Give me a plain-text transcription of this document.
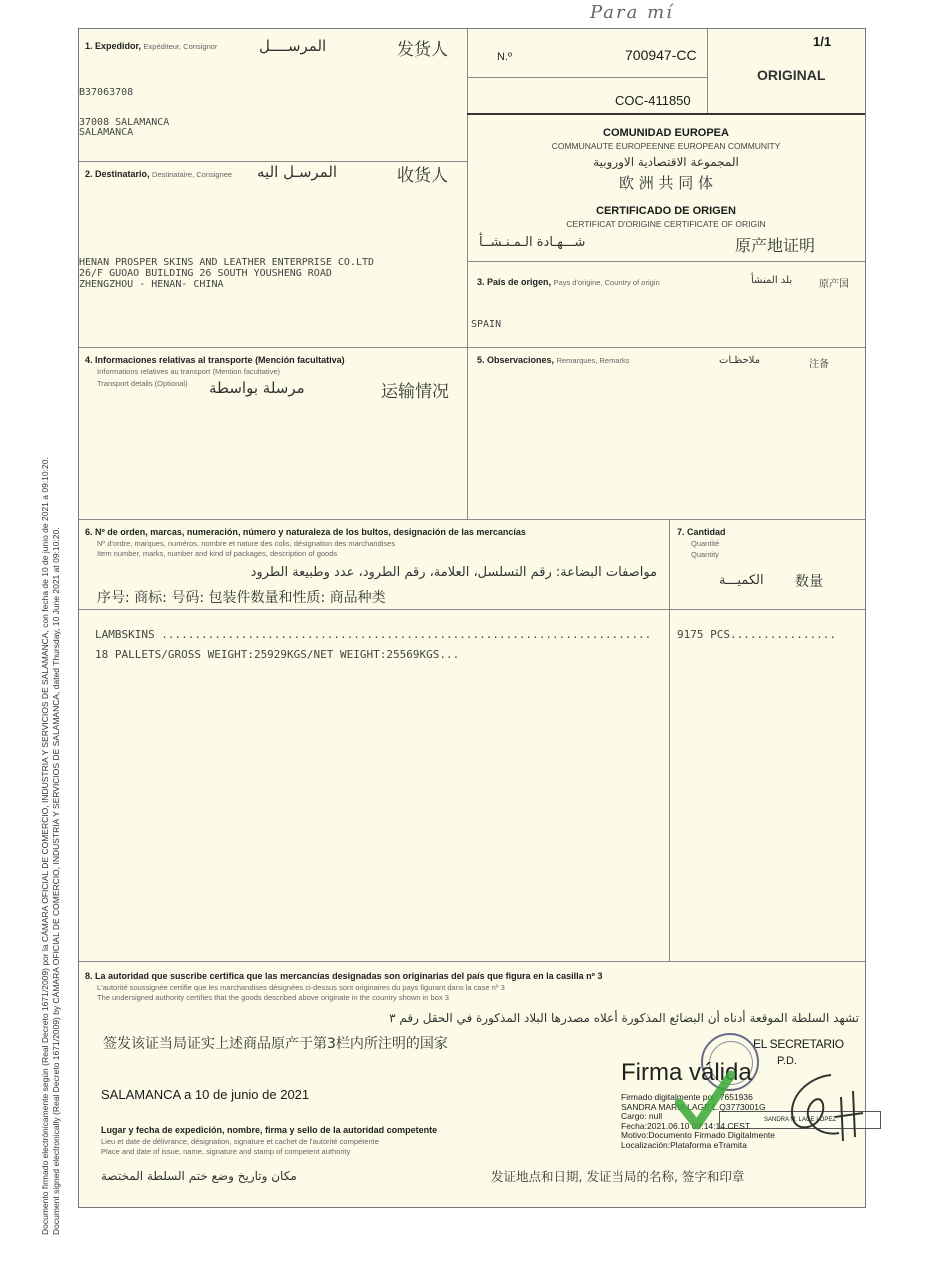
Para mí
Documento firmado electrónicamente según (Real Decreto 1671/2009) por la CÁMARA OFICIAL DE COMERCIO, INDUSTRIA Y SERVICIOS DE SALAMANCA, con fecha de 10 de junio de 2021 a 09:10:20. Document signed electronically (Real Decreto 1671/2009) by CÁMARA OFICIAL DE COMERCIO, INDUSTRIA Y SERVICIOS DE SALAMANCA, dated Thursday, 10 June 2021 at 09:10:20.
N.º	700947-CC
COC-411850
1/1
ORIGINAL
1. Expedidor, Expéditeur, Consignor	المرســــل	发货人
B37063708
37008 SALAMANCA
SALAMANCA	COMUNIDAD EUROPEA
COMMUNAUTE EUROPEENNE EUROPEAN COMMUNITY
المجموعة الاقتصادية الاوروبية
欧 洲 共 同 体
CERTIFICADO DE ORIGEN
CERTIFICAT D'ORIGINE CERTIFICATE OF ORIGIN
شـــهـادة الـمـنـشــأ	原产地证明
2. Destinatario, Destinataire, Consignee المرسـل اليه	收货人
HENAN PROSPER SKINS AND LEATHER ENTERPRISE CO.LTD
26/F GUOAO BUILDING 26 SOUTH YOUSHENG ROAD
ZHENGZHOU - HENAN- CHINA	3. País de origen, Pays d'origine, Country of origin	بلد المنشأ	原产国
SPAIN
4. Informaciones relativas al transporte (Mención facultativa)
Informations relatives au transport (Mention facultative)
Transport details (Optional) مرسلة بواسطة	运输情况
5. Observaciones, Remarques, Remarks	ملاحظـات	注备
6. Nº de orden, marcas, numeración, número y naturaleza de los bultos, designación de las mercancías
Nº d'ordre, marques, numéros, nombre et nature des colis, désignation des marchandises
Item number, marks, number and kind of packages, description of goods
مواصفات البضاعة: رقم التسلسل، العلامة، رقم الطرود، عدد وطبيعة الطرود
序号: 商标: 号码: 包装件数量和性质: 商品种类
LAMBSKINS ..........................................................................
18 PALLETS/GROSS WEIGHT:25929KGS/NET WEIGHT:25569KGS...
7. Cantidad
Quantité
Quantity
الكميـــة 数量
9175 PCS................
8. La autoridad que suscribe certifica que las mercancías designadas son originarias del país que figura en la casilla nº 3
L'autorité soussignée certifie que les marchandises désignées ci-dessus sont originaires du pays figurant dans la case nº 3
The undersigned authority certifies that the goods described above originate in the country shown in box 3
تشهد السلطة الموقعة أدناه أن البضائع المذكورة أعلاه مصدرها البلاد المذكورة في الحقل رقم ٣
签发该证当局证实上述商品原产于第3栏内所注明的国家
SALAMANCA a 10 de junio de 2021
Lugar y fecha de expedición, nombre, firma y sello de la autoridad competente
Lieu et date de délivrance, désignation, signature et cachet de l'autorité compétente
Place and date of issue, name, signature and stamp of competent authority
مكان وتاريخ وضع ختم السلطة المختصة	发证地点和日期, 发证当局的名称, 签字和印章
EL SECRETARIO
P.D.
SANDRA M. LAGE LOPEZ
Firma válida
Firmado digitalmente por: 7651936
SANDRA MARIA LAGE L.Q3773001G
Cargo: null
Fecha:2021.06.10 09:14:14 CEST
Motivo:Documento Firmado Digitalmente
Localización:Plataforma eTramita
